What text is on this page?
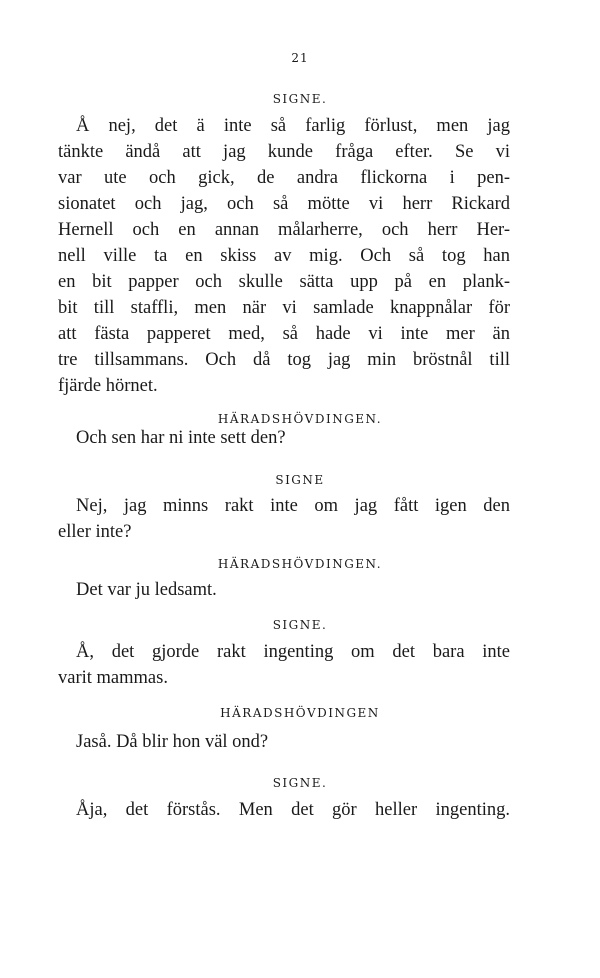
21
SIGNE.
Å nej, det ä inte så farlig förlust, men jag
tänkte ändå att jag kunde fråga efter. Se vi
var ute och gick, de andra flickorna i pen-
sionatet och jag, och så mötte vi herr Rickard
Hernell och en annan målarherre, och herr Her-
nell ville ta en skiss av mig. Och så tog han
en bit papper och skulle sätta upp på en plank-
bit till staffli, men när vi samlade knappnålar för
att fästa papperet med, så hade vi inte mer än
tre tillsammans. Och då tog jag min bröstnål till
fjärde hörnet.
HÄRADSHÖVDINGEN.
Och sen har ni inte sett den?
SIGNE
Nej, jag minns rakt inte om jag fått igen den
eller inte?
HÄRADSHÖVDINGEN.
Det var ju ledsamt.
SIGNE.
Å, det gjorde rakt ingenting om det bara inte
varit mammas.
HÄRADSHÖVDINGEN
Jaså. Då blir hon väl ond?
SIGNE.
Åja, det förstås. Men det gör heller ingenting.
